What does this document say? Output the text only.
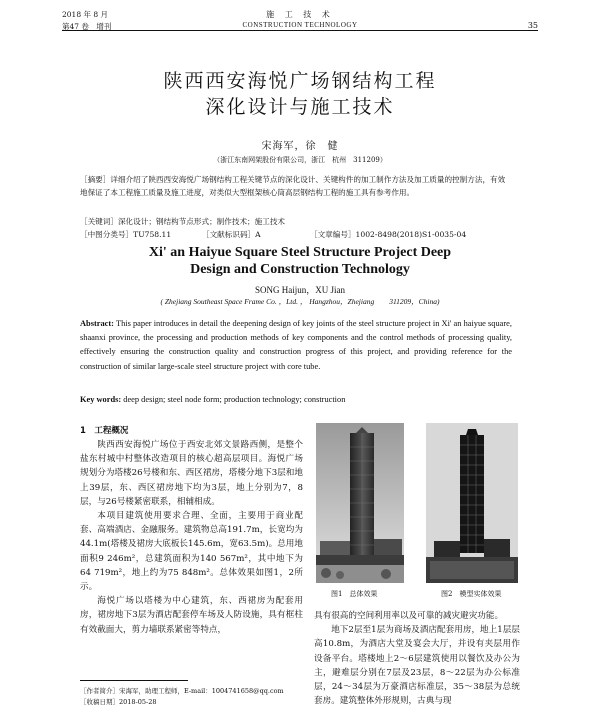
2018 年 8 月
第47 卷　增刊
施 工 技 术
CONSTRUCTION TECHNOLOGY	35
陕西西安海悦广场钢结构工程
深化设计与施工技术
宋海军，徐　健
（浙江东南网架股份有限公司，浙江　杭州　311209）
［摘要］详细介绍了陕西西安海悦广场钢结构工程关键节点的深化设计、关键构件的加工制作方法及加工质量的控制方法，有效地保证了本工程施工质量及施工进度，对类似大型框架核心筒高层钢结构工程的施工具有参考作用。
［关键词］深化设计；钢结构节点形式；制作技术；施工技术
［中图分类号］TU758.11	［文献标识码］A	［文章编号］1002-8498(2018)S1-0035-04
Xi' an Haiyue Square Steel Structure Project Deep
Design and Construction Technology
SONG Haijun，XU Jian
( Zhejiang Southeast Space Frame Co. ，Ltd. ， Hangzhou，Zhejiang　　311209，China)
Abstract: This paper introduces in detail the deepening design of key joints of the steel structure project in Xi' an haiyue square, shaanxi province, the processing and production methods of key components and the control methods of processing quality, effectively ensuring the construction quality and construction progress of this project, and providing reference for the construction of similar large-scale steel structure project with core tube.
Key words: deep design; steel node form; production technology; construction
1　工程概况

陕西西安海悦广场位于西安北郊文景路西侧，是整个盐东村城中村整体改造项目的核心超高层项目。海悦广场规划分为塔楼26号楼和东、西区裙房，塔楼分地下3层和地上39层，东、西区裙房地下均为3层，地上分别为7，8层，与26号楼紧密联系，相辅相成。

本项目建筑使用要求合理、全面，主要用于商业配套、高端酒店、金融服务。建筑物总高191.7m，长宽均为44.1m(塔楼及裙房大底板长145.6m，宽63.5m)。总用地面积9 246m²，总建筑面积为140 567m²，其中地下为64 719m²，地上约为75 848m²。总体效果如图1，2所示。

海悦广场以塔楼为中心建筑，东、西裙房为配套用房，裙房地下3层为酒店配套停车场及人防设施，具有框柱有效截面大，剪力墙联系紧密等特点，

图1　总体效果	图2　模型实体效果

具有很高的空间利用率以及可靠的减灾避灾功能。

地下2层至1层为商场及酒店配套用房，地上1层层高10.8m，为酒店大堂及宴会大厅，并设有夹层用作设备平台。塔楼地上2～6层建筑使用以餐饮及办公为主，避难层分别在7层及23层，8～22层为办公标准层，24～34层为万豪酒店标准层，35～38层为总统套房。建筑整体外形规则，古典与现

［作者简介］宋海军，助理工程师，E-mail：1004741658@qq.com
［收稿日期］2018-05-28
